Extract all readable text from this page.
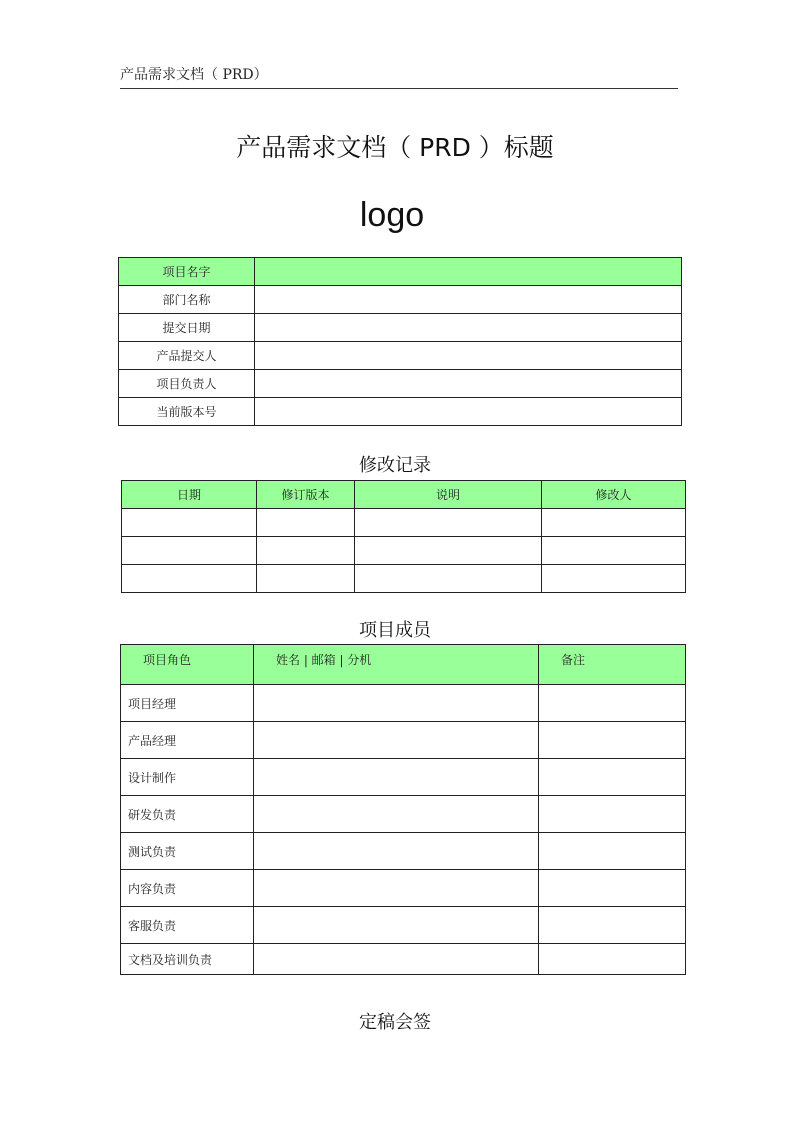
产品需求文档（ PRD）
产品需求文档（ PRD ）标题
logo
项目名字	
部门名称	
提交日期	
产品提交人	
项目负责人	
当前版本号	
修改记录
日期	修订版本	说明	修改人

项目成员
项目角色	姓名 | 邮箱 | 分机	备注
项目经理		
产品经理		
设计制作		
研发负责		
测试负责		
内容负责		
客服负责		
文档及培训负责		
定稿会签
